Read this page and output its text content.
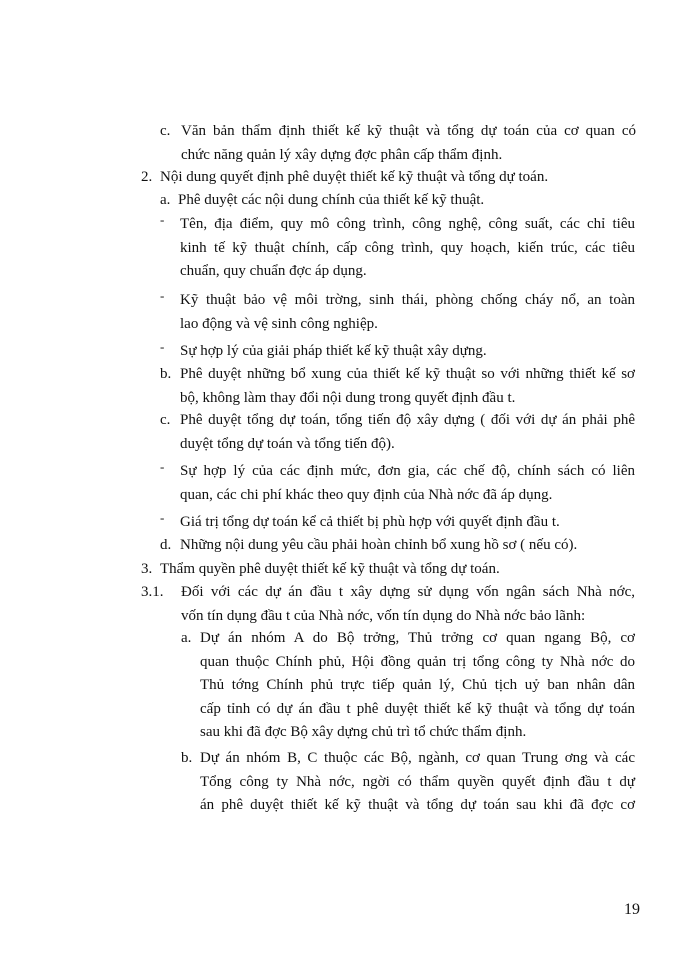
c. Văn bản thẩm định thiết kế kỹ thuật và tổng dự toán của cơ quan có
chức năng quản lý xây dựng đợc phân cấp thẩm định.
2. Nội dung quyết định phê duyệt thiết kế kỹ thuật và tổng dự toán.
a. Phê duyệt các nội dung chính của thiết kế kỹ thuật.
- Tên, địa điểm, quy mô công trình, công nghệ, công suất, các chỉ tiêu
kinh tế kỹ thuật chính, cấp công trình, quy hoạch, kiến trúc, các tiêu
chuẩn, quy chuẩn đợc áp dụng.
- Kỹ thuật bảo vệ môi trờng, sinh thái, phòng chống cháy nổ, an toàn
lao động và vệ sinh công nghiệp.
- Sự hợp lý của giải pháp thiết kế kỹ thuật xây dựng.
b. Phê duyệt những bổ xung của thiết kế kỹ thuật so với những thiết kế sơ
bộ, không làm thay đổi nội dung trong quyết định đầu t.
c. Phê duyệt tổng dự toán, tổng tiến độ xây dựng ( đối với dự án phải phê
duyệt tổng dự toán và tổng tiến độ).
- Sự hợp lý của các định mức, đơn gia, các chế độ, chính sách có liên
quan, các chi phí khác theo quy định của Nhà nớc đã áp dụng.
- Giá trị tổng dự toán kể cả thiết bị phù hợp với quyết định đầu t.
d. Những nội dung yêu cầu phải hoàn chỉnh bổ xung hồ sơ ( nếu có).
3. Thẩm quyền phê duyệt thiết kế kỹ thuật và tổng dự toán.
3.1. Đối với các dự án đầu t xây dựng sử dụng vốn ngân sách Nhà nớc,
vốn tín dụng đầu t của Nhà nớc, vốn tín dụng do Nhà nớc bảo lãnh:
a. Dự án nhóm A do Bộ trởng, Thủ trởng cơ quan ngang Bộ, cơ
quan thuộc Chính phủ, Hội đồng quản trị tổng công ty Nhà nớc do
Thủ tớng Chính phủ trực tiếp quản lý, Chủ tịch uỷ ban nhân dân
cấp tỉnh có dự án đầu t phê duyệt thiết kế kỹ thuật và tổng dự toán
sau khi đã đợc Bộ xây dựng chủ trì tổ chức thẩm định.
b. Dự án nhóm B, C thuộc các Bộ, ngành, cơ quan Trung ơng và các
Tổng công ty Nhà nớc, ngời có thẩm quyền quyết định đầu t dự
án phê duyệt thiết kế kỹ thuật và tổng dự toán sau khi đã đợc cơ
19
